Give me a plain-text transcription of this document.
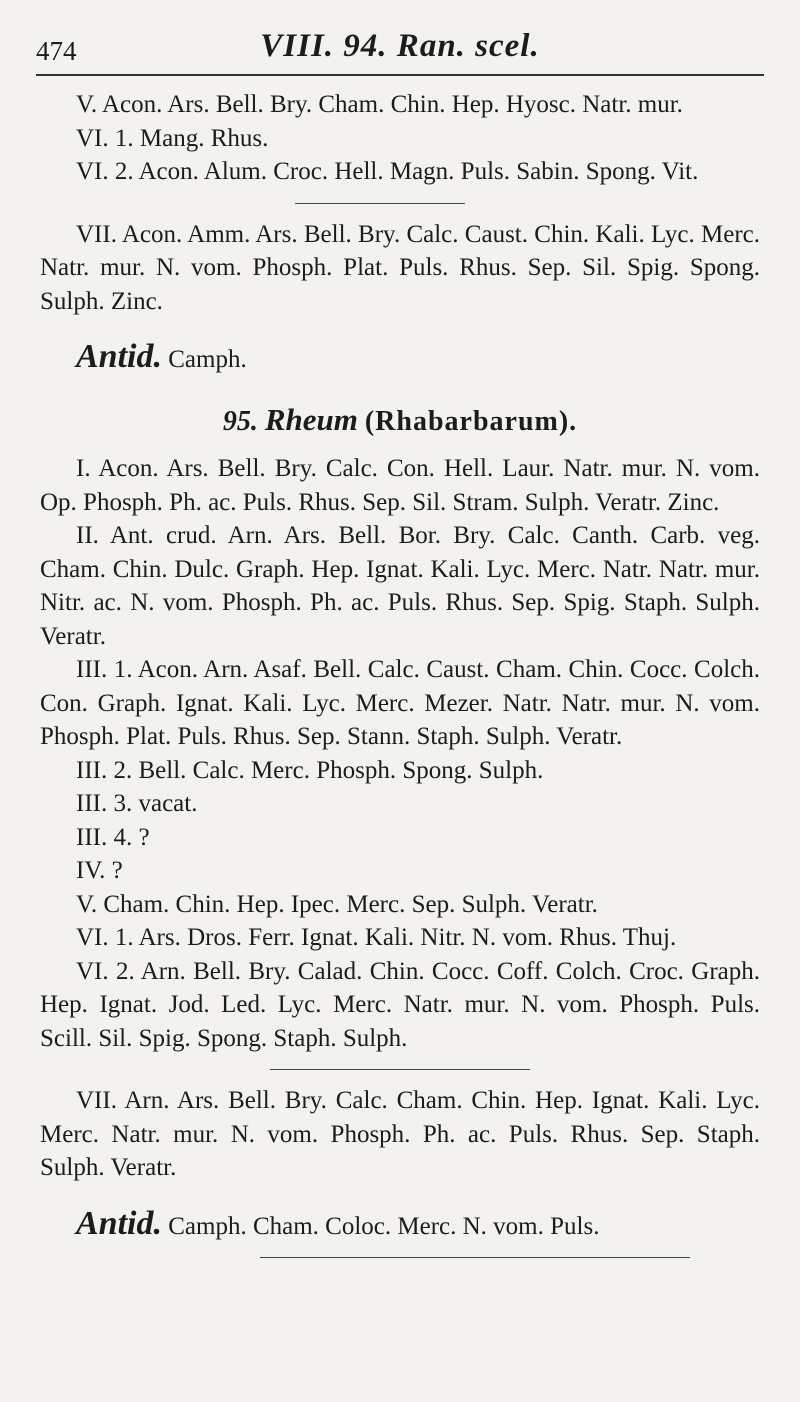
474	VIII. 94. Ran. scel.

V. Acon. Ars. Bell. Bry. Cham. Chin. Hep. Hyosc. Natr. mur.

VI. 1. Mang. Rhus.

VI. 2. Acon. Alum. Croc. Hell. Magn. Puls. Sabin. Spong. Vit.

VII. Acon. Amm. Ars. Bell. Bry. Calc. Caust. Chin. Kali. Lyc. Merc. Natr. mur. N. vom. Phosph. Plat. Puls. Rhus. Sep. Sil. Spig. Spong. Sulph. Zinc.

Antid. Camph.

95. Rheum (Rhabarbarum).

I. Acon. Ars. Bell. Bry. Calc. Con. Hell. Laur. Natr. mur. N. vom. Op. Phosph. Ph. ac. Puls. Rhus. Sep. Sil. Stram. Sulph. Veratr. Zinc.

II. Ant. crud. Arn. Ars. Bell. Bor. Bry. Calc. Canth. Carb. veg. Cham. Chin. Dulc. Graph. Hep. Ignat. Kali. Lyc. Merc. Natr. Natr. mur. Nitr. ac. N. vom. Phosph. Ph. ac. Puls. Rhus. Sep. Spig. Staph. Sulph. Veratr.

III. 1. Acon. Arn. Asaf. Bell. Calc. Caust. Cham. Chin. Cocc. Colch. Con. Graph. Ignat. Kali. Lyc. Merc. Mezer. Natr. Natr. mur. N. vom. Phosph. Plat. Puls. Rhus. Sep. Stann. Staph. Sulph. Veratr.

III. 2. Bell. Calc. Merc. Phosph. Spong. Sulph.

III. 3. vacat.

III. 4. ?

IV. ?

V. Cham. Chin. Hep. Ipec. Merc. Sep. Sulph. Veratr.

VI. 1. Ars. Dros. Ferr. Ignat. Kali. Nitr. N. vom. Rhus. Thuj.

VI. 2. Arn. Bell. Bry. Calad. Chin. Cocc. Coff. Colch. Croc. Graph. Hep. Ignat. Jod. Led. Lyc. Merc. Natr. mur. N. vom. Phosph. Puls. Scill. Sil. Spig. Spong. Staph. Sulph.

VII. Arn. Ars. Bell. Bry. Calc. Cham. Chin. Hep. Ignat. Kali. Lyc. Merc. Natr. mur. N. vom. Phosph. Ph. ac. Puls. Rhus. Sep. Staph. Sulph. Veratr.

Antid. Camph. Cham. Coloc. Merc. N. vom. Puls.
